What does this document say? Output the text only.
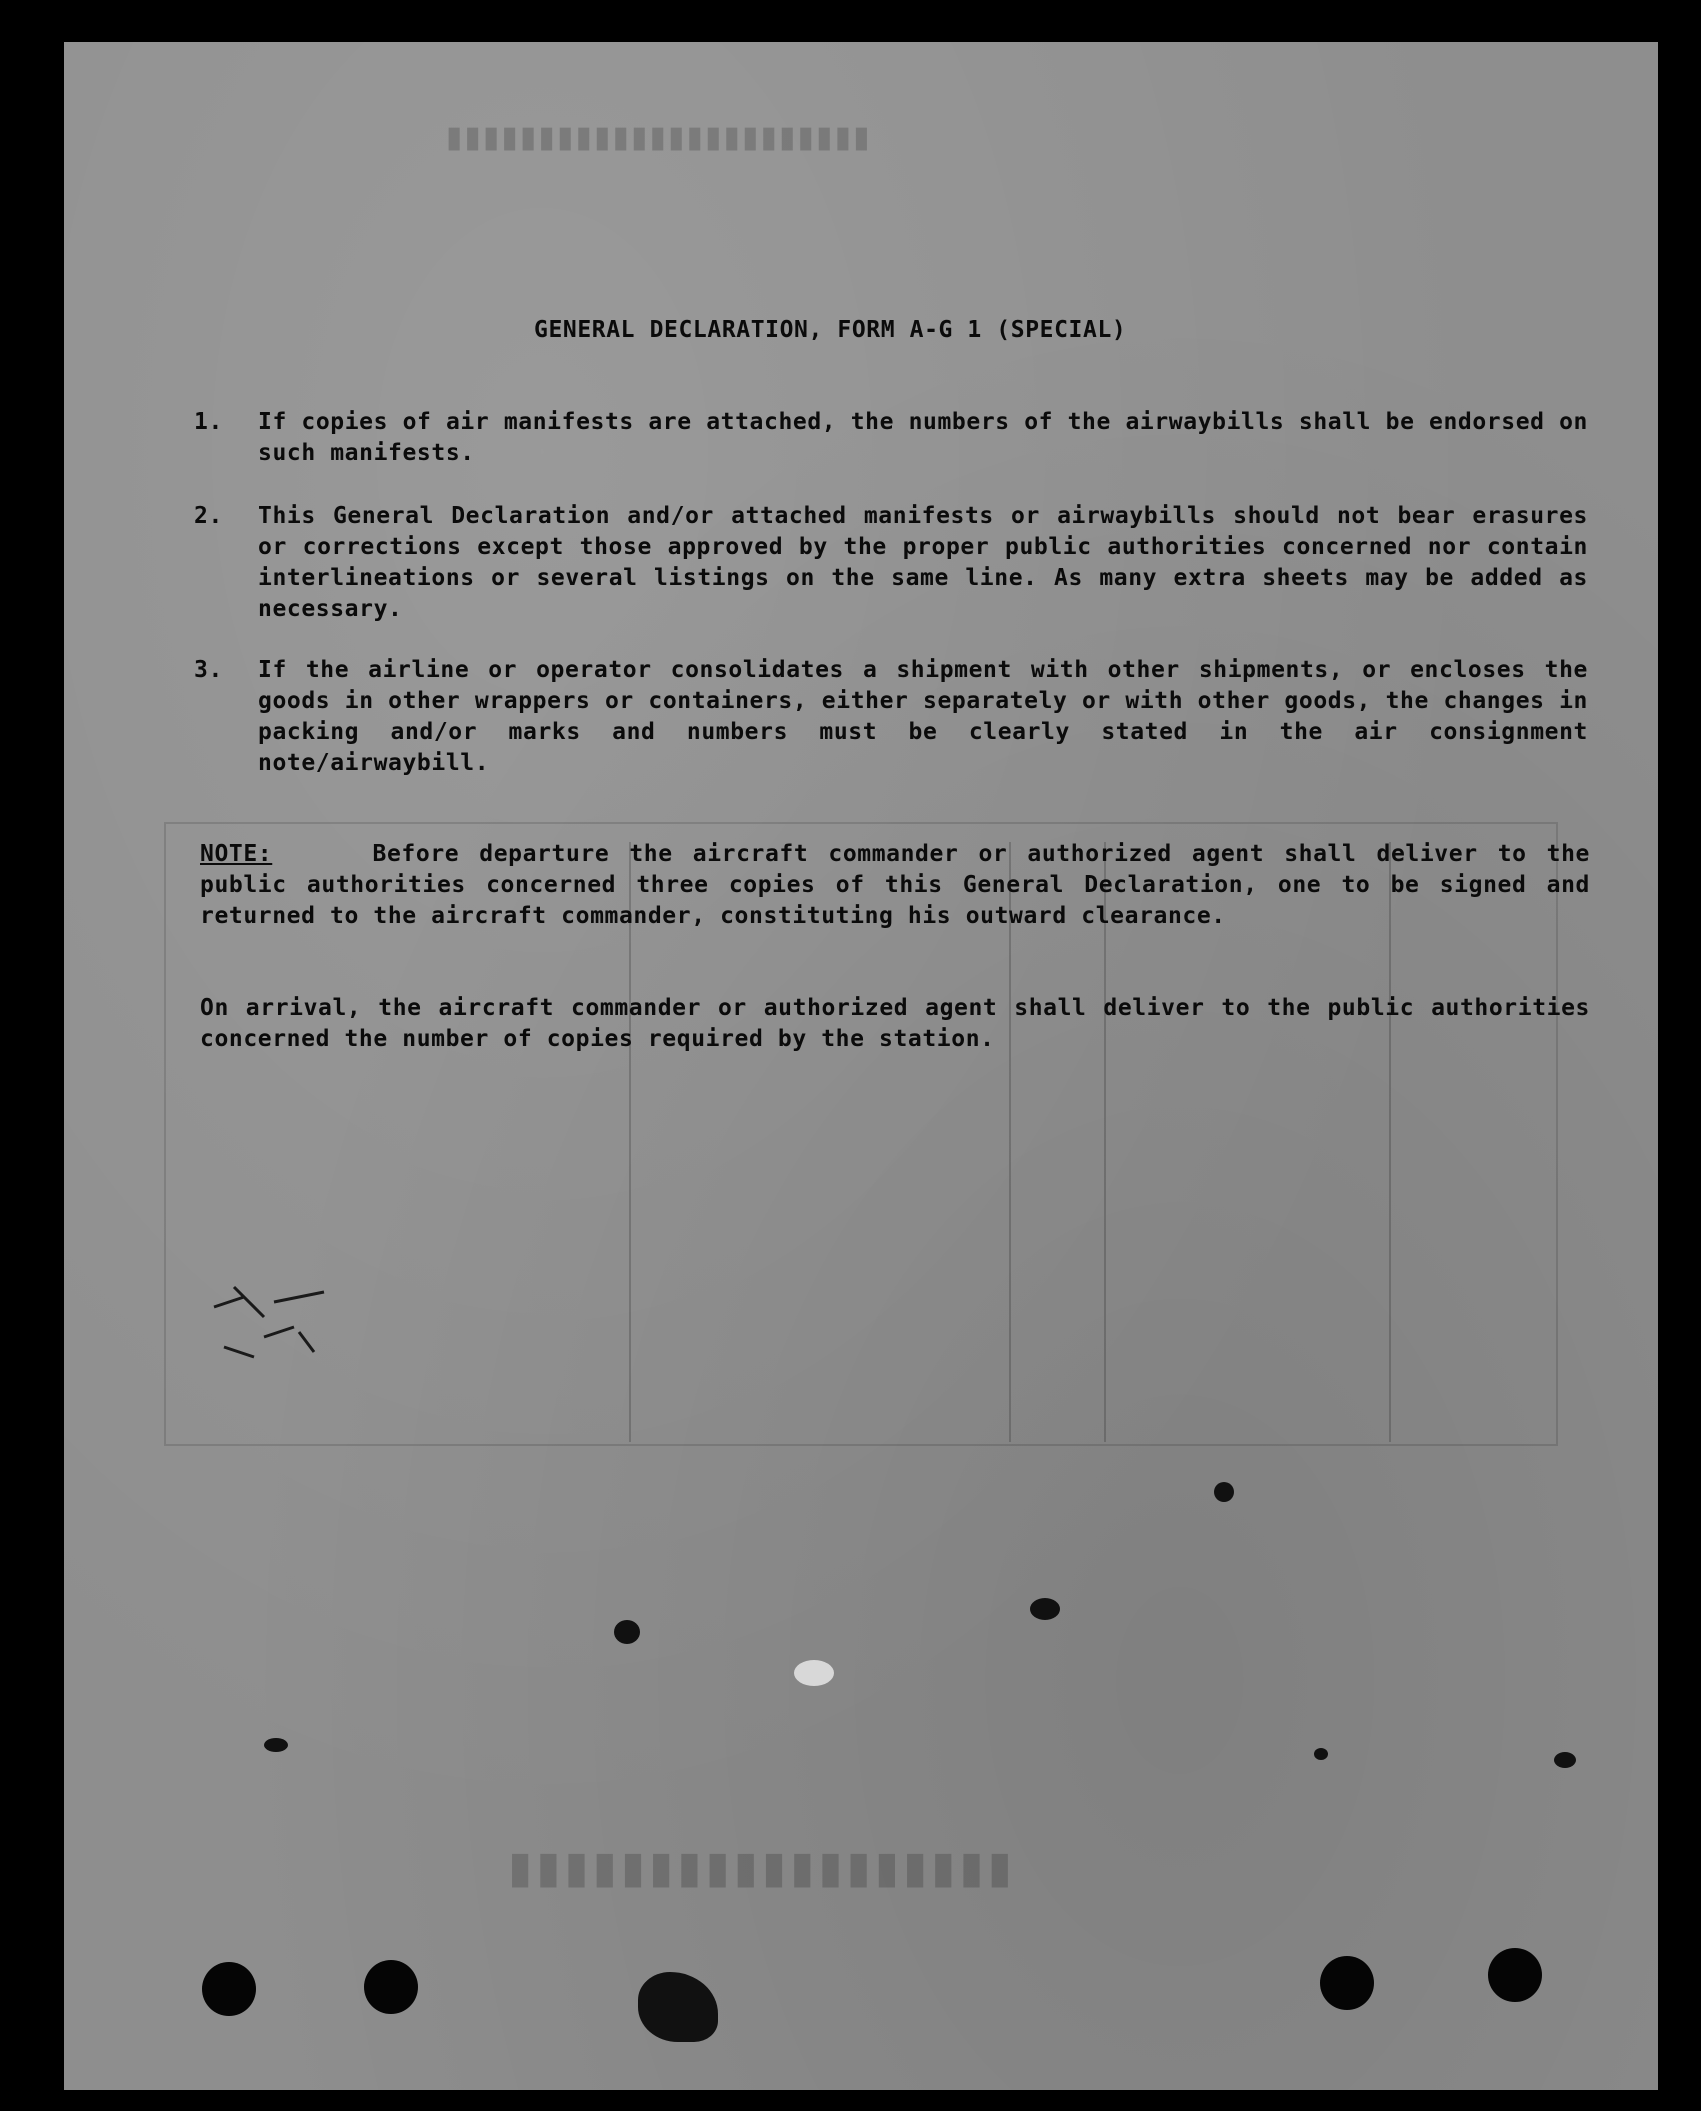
▮▮▮▮▮▮▮▮▮▮▮▮▮▮▮▮▮▮▮▮▮▮▮
▮▮▮▮▮▮▮▮▮▮▮▮▮▮▮▮▮▮
GENERAL DECLARATION, FORM A-G 1 (SPECIAL)
1.	If copies of air manifests are attached, the numbers of the airwaybills shall be endorsed on such manifests.
2.	This General Declaration and/or attached manifests or airwaybills should not bear erasures or corrections except those approved by the proper public authorities concerned nor contain interlineations or several listings on the same line. As many extra sheets may be added as necessary.
3.	If the airline or operator consolidates a shipment with other shipments, or encloses the goods in other wrappers or containers, either separately or with other goods, the changes in packing and/or marks and numbers must be clearly stated in the air consignment note/airwaybill.
NOTE:	Before departure the aircraft commander or authorized agent shall deliver to the public authorities concerned three copies of this General Declaration, one to be signed and returned to the aircraft commander, constituting his outward clearance.
On arrival, the aircraft commander or authorized agent shall deliver to the public authorities concerned the number of copies required by the station.
